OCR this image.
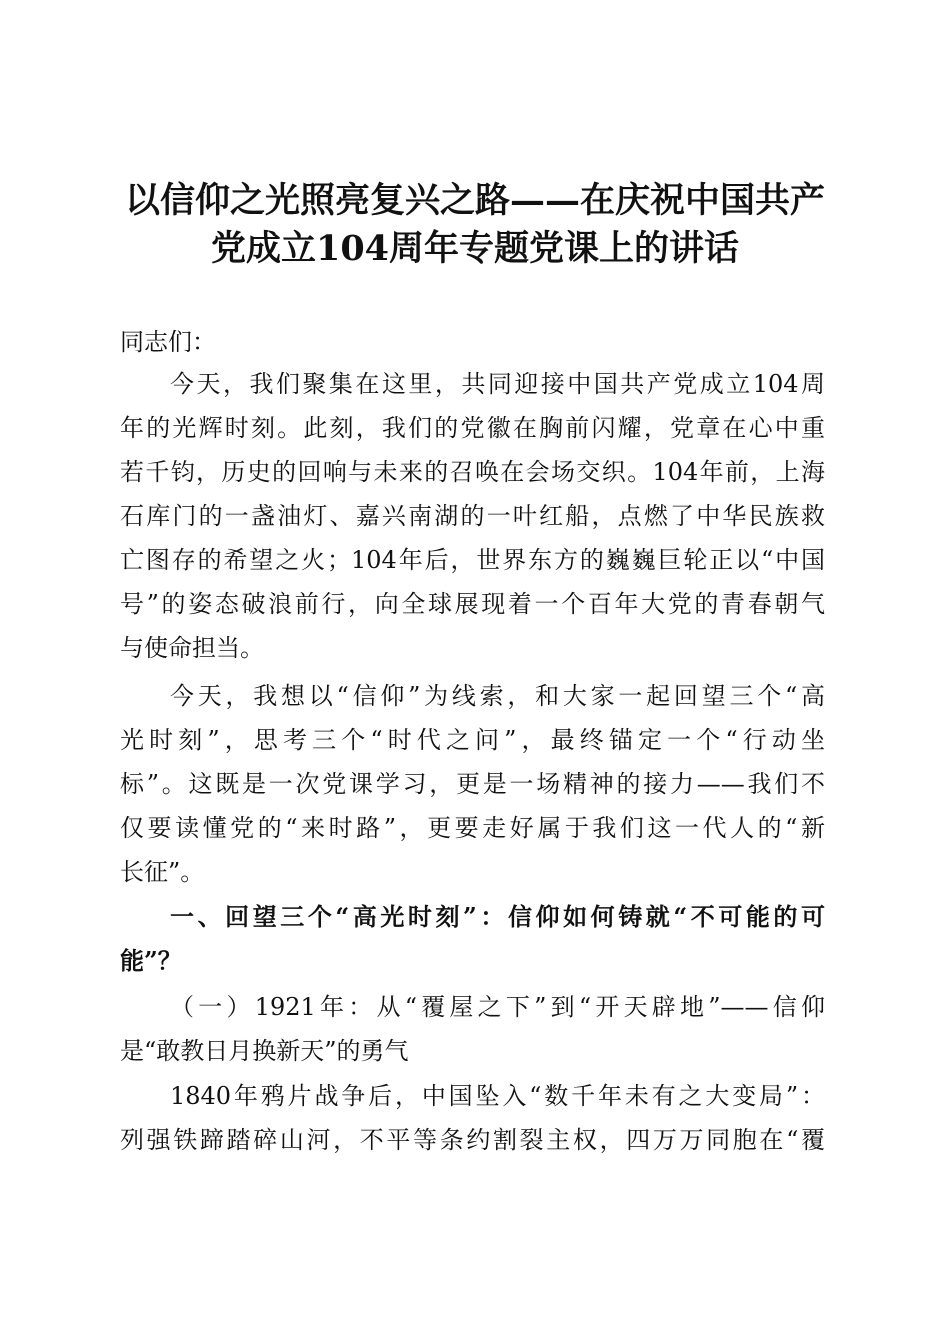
以信仰之光照亮复兴之路——在庆祝中国共产
党成立104周年专题党课上的讲话
同志们：
今天，我们聚集在这里，共同迎接中国共产党成立104周
年的光辉时刻。此刻，我们的党徽在胸前闪耀，党章在心中重
若千钧，历史的回响与未来的召唤在会场交织。104年前，上海
石库门的一盏油灯、嘉兴南湖的一叶红船，点燃了中华民族救
亡图存的希望之火；104年后，世界东方的巍巍巨轮正以“中国
号”的姿态破浪前行，向全球展现着一个百年大党的青春朝气
与使命担当。
今天，我想以“信仰”为线索，和大家一起回望三个“高
光时刻”，思考三个“时代之问”，最终锚定一个“行动坐
标”。这既是一次党课学习，更是一场精神的接力——我们不
仅要读懂党的“来时路”，更要走好属于我们这一代人的“新
长征”。
一、回望三个“高光时刻”：信仰如何铸就“不可能的可
能”？
（一）1921年：从“覆屋之下”到“开天辟地”——信仰
是“敢教日月换新天”的勇气
1840年鸦片战争后，中国坠入“数千年未有之大变局”：
列强铁蹄踏碎山河，不平等条约割裂主权，四万万同胞在“覆
